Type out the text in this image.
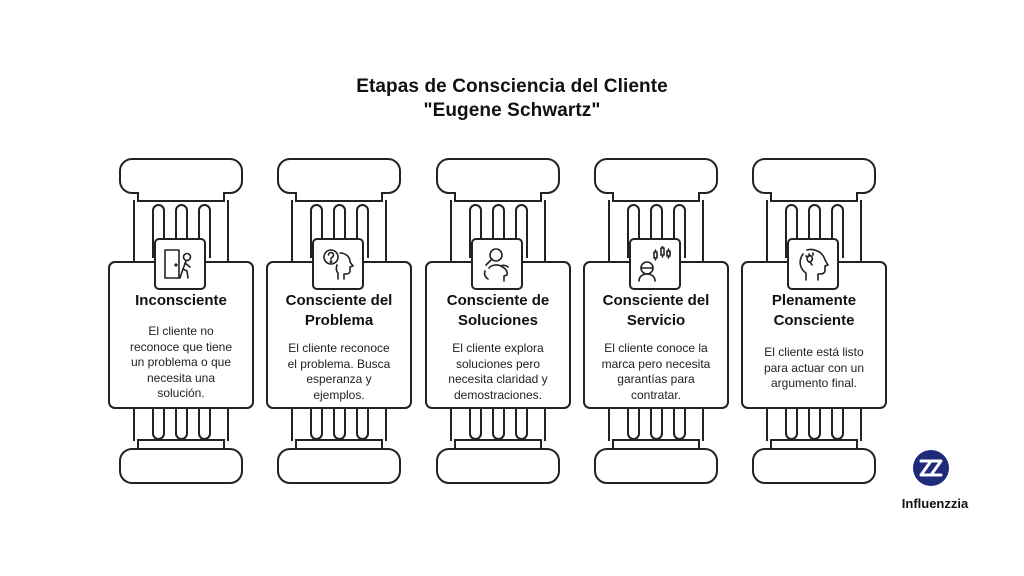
Etapas de Consciencia del Cliente
"Eugene Schwartz"
Inconsciente
El cliente no
reconoce que tiene
un problema o que
necesita una
solución.
Consciente del
Problema
El cliente reconoce
el problema. Busca
esperanza y
ejemplos.
Consciente de
Soluciones
El cliente explora
soluciones pero
necesita claridad y
demostraciones.
Consciente del
Servicio
El cliente conoce la
marca pero necesita
garantías para
contratar.
Plenamente
Consciente
El cliente está listo
para actuar con un
argumento final.
Influenzzia
